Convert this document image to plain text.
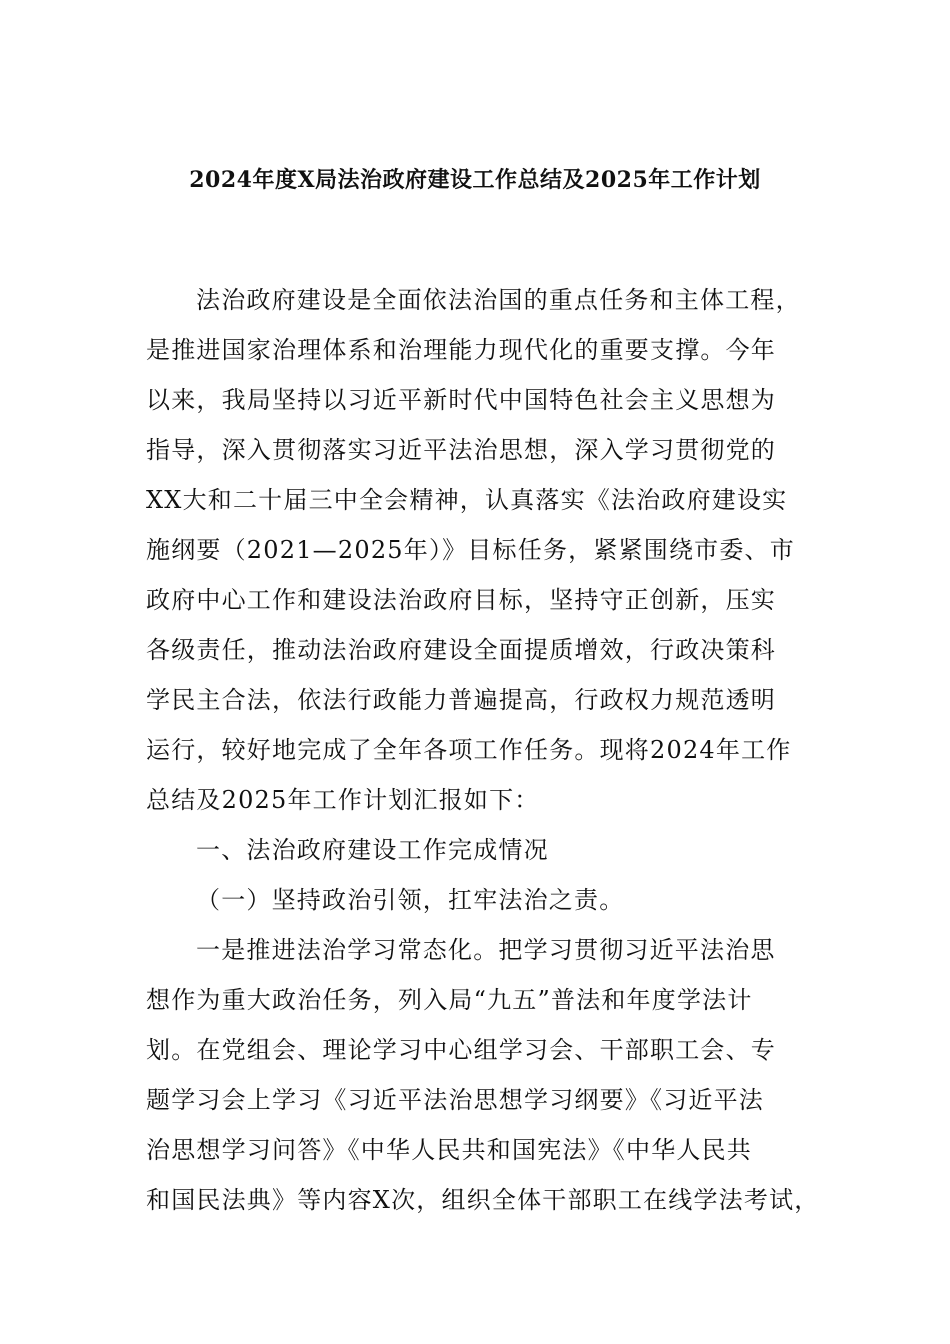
2024年度X局法治政府建设工作总结及2025年工作计划
法治政府建设是全面依法治国的重点任务和主体工程，
是推进国家治理体系和治理能力现代化的重要支撑。今年
以来，我局坚持以习近平新时代中国特色社会主义思想为
指导，深入贯彻落实习近平法治思想，深入学习贯彻党的
XX大和二十届三中全会精神，认真落实《法治政府建设实
施纲要（2021—2025年）》目标任务，紧紧围绕市委、市
政府中心工作和建设法治政府目标，坚持守正创新，压实
各级责任，推动法治政府建设全面提质增效，行政决策科
学民主合法，依法行政能力普遍提高，行政权力规范透明
运行，较好地完成了全年各项工作任务。现将2024年工作
总结及2025年工作计划汇报如下：
一、法治政府建设工作完成情况
（一）坚持政治引领，扛牢法治之责。
一是推进法治学习常态化。把学习贯彻习近平法治思
想作为重大政治任务，列入局“九五”普法和年度学法计
划。在党组会、理论学习中心组学习会、干部职工会、专
题学习会上学习《习近平法治思想学习纲要》《习近平法
治思想学习问答》《中华人民共和国宪法》《中华人民共
和国民法典》等内容X次，组织全体干部职工在线学法考试，
